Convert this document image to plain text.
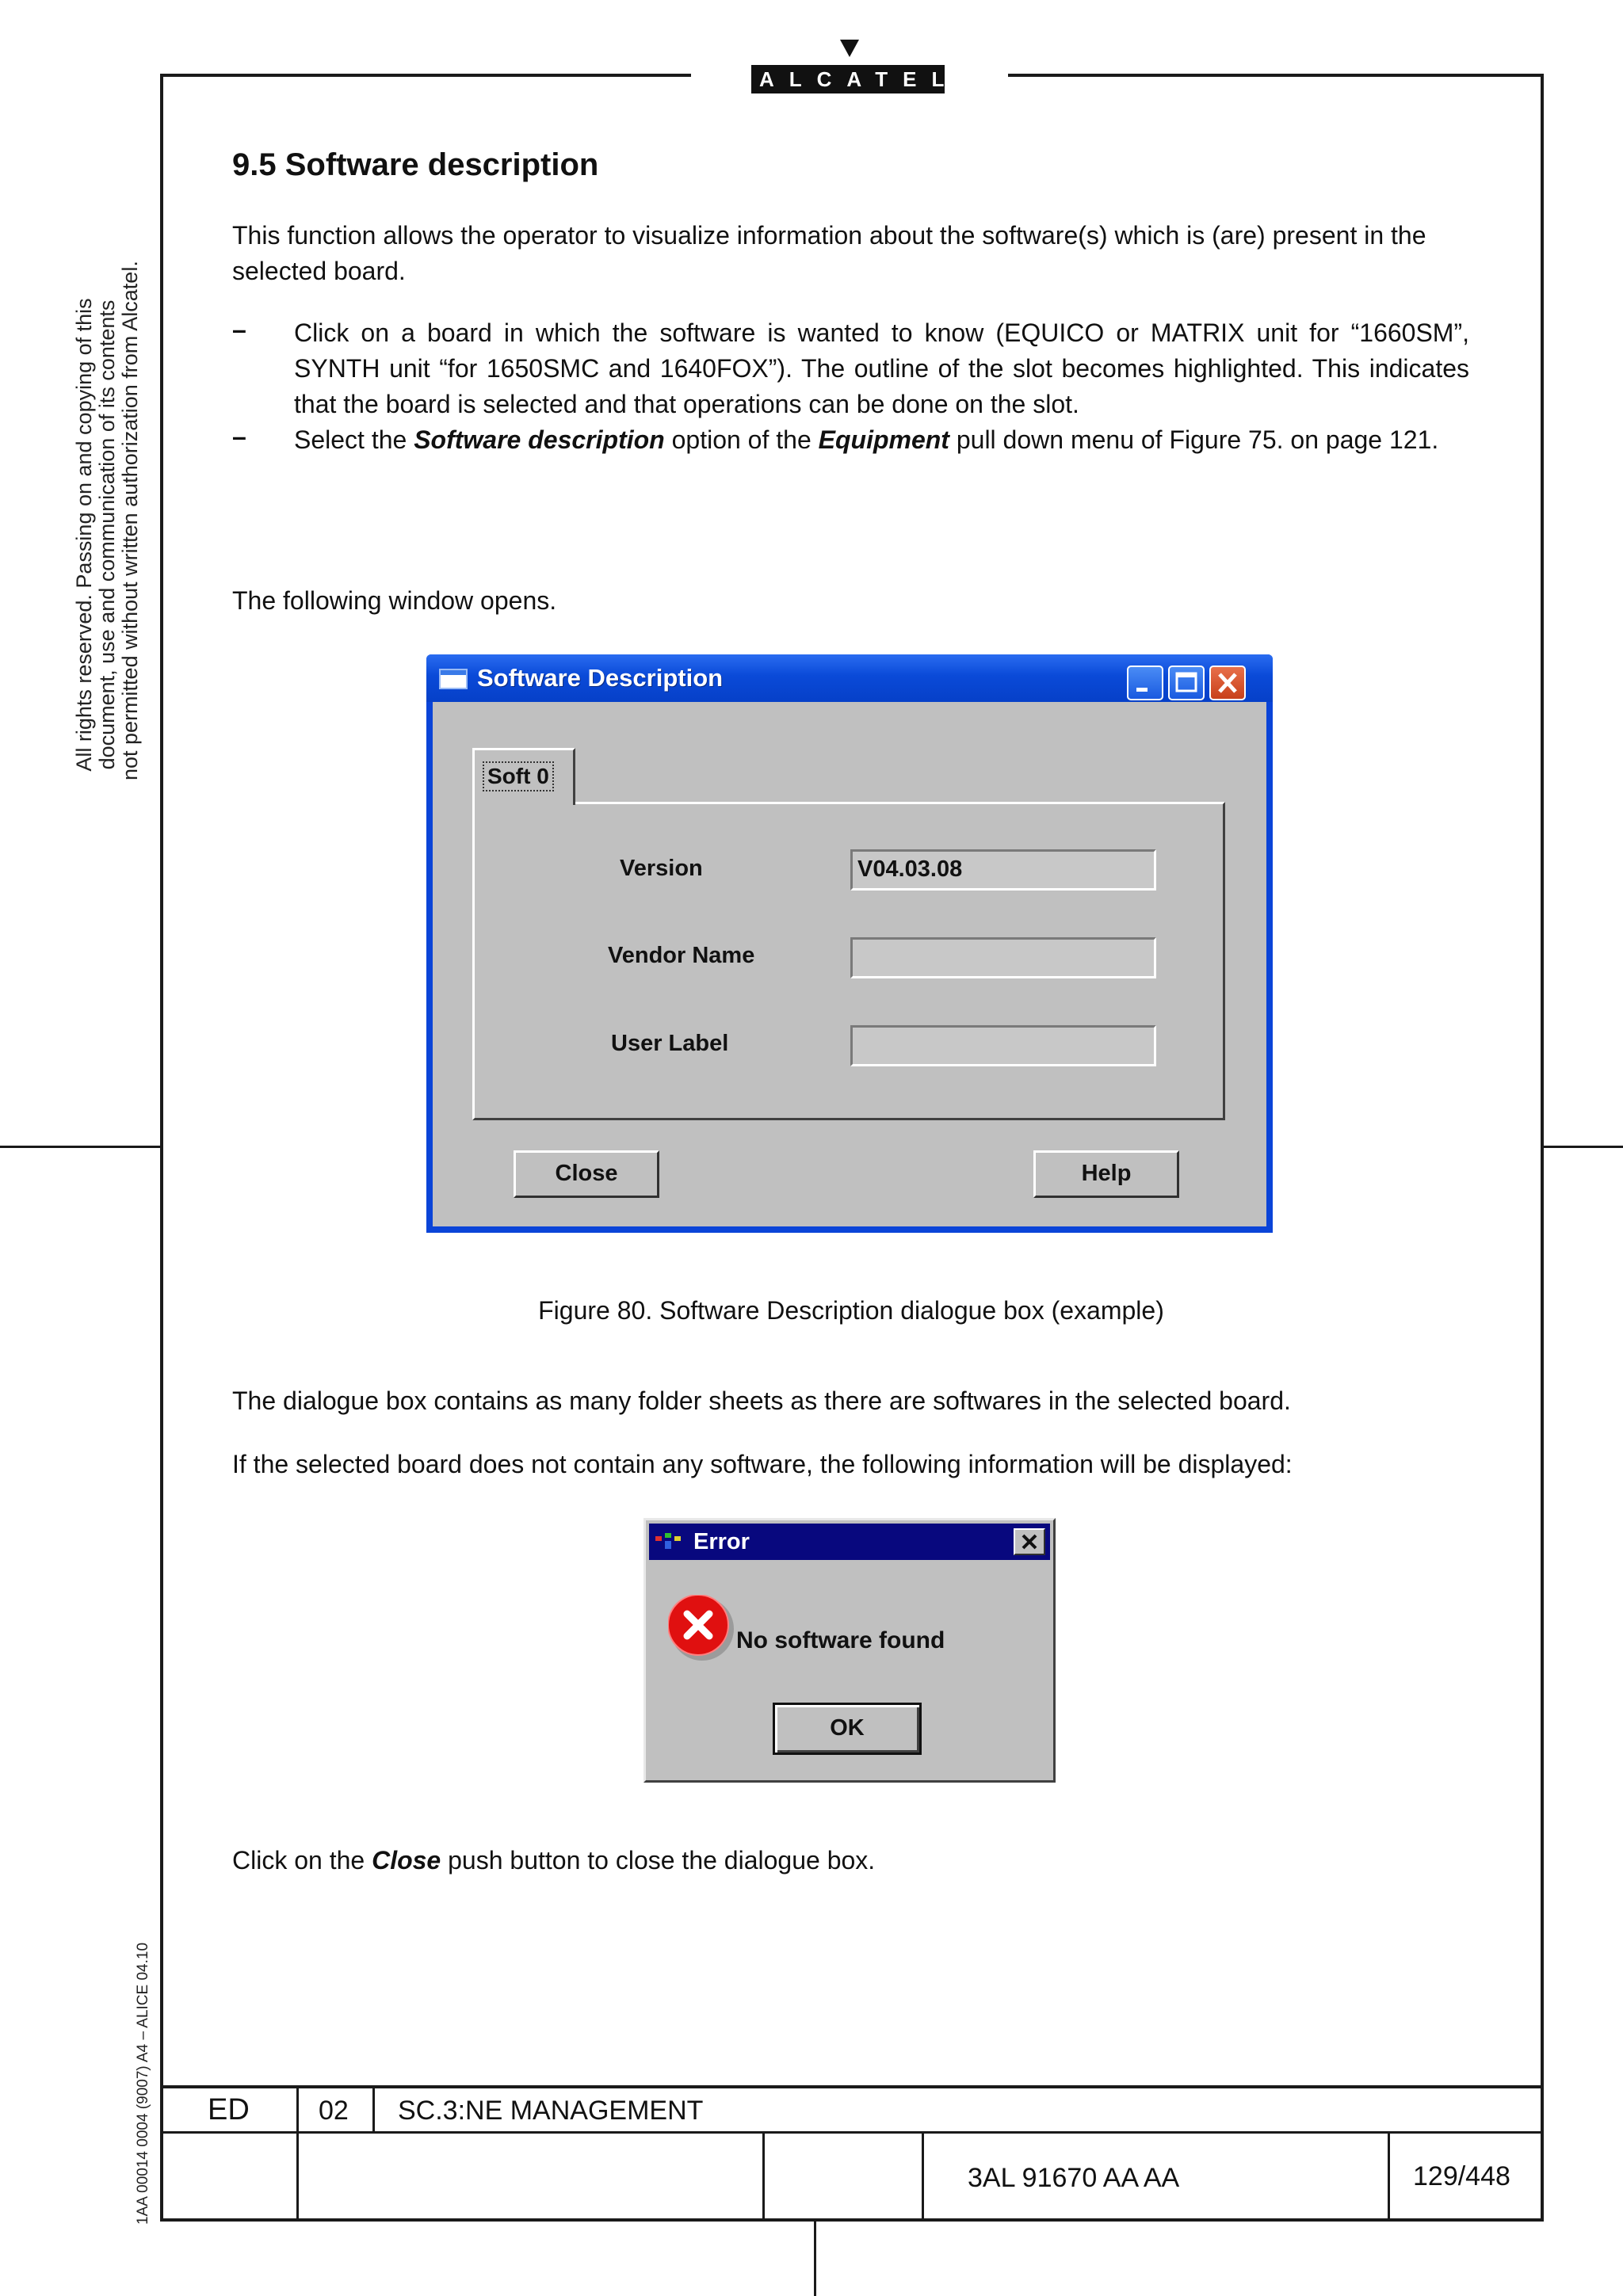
ALCATEL
All rights reserved. Passing on and copying of this document, use and communication of its contents not permitted without written authorization from Alcatel.
1AA 00014 0004 (9007) A4 – ALICE 04.10
9.5 Software description
This function allows the operator to visualize information about the software(s) which is (are) present in the selected board.
– Click on a board in which the software is wanted to know (EQUICO or MATRIX unit for “1660SM”, SYNTH unit “for 1650SMC and 1640FOX”). The outline of the slot becomes highlighted. This indicates that the board is selected and that operations can be done on the slot.
– Select the Software description option of the Equipment pull down menu of Figure 75. on page 121.
The following window opens.
Software Description
Version	V04.03.08
Vendor Name
User Label
Soft 0
Close	Help
Figure 80. Software Description dialogue box (example)
The dialogue box contains as many folder sheets as there are softwares in the selected board.
If the selected board does not contain any software, the following information will be displayed:
Error
No software found
OK
Click on the Close push button to close the dialogue box.
ED	02 SC.3:NE MANAGEMENT
3AL 91670 AA AA	129/448
